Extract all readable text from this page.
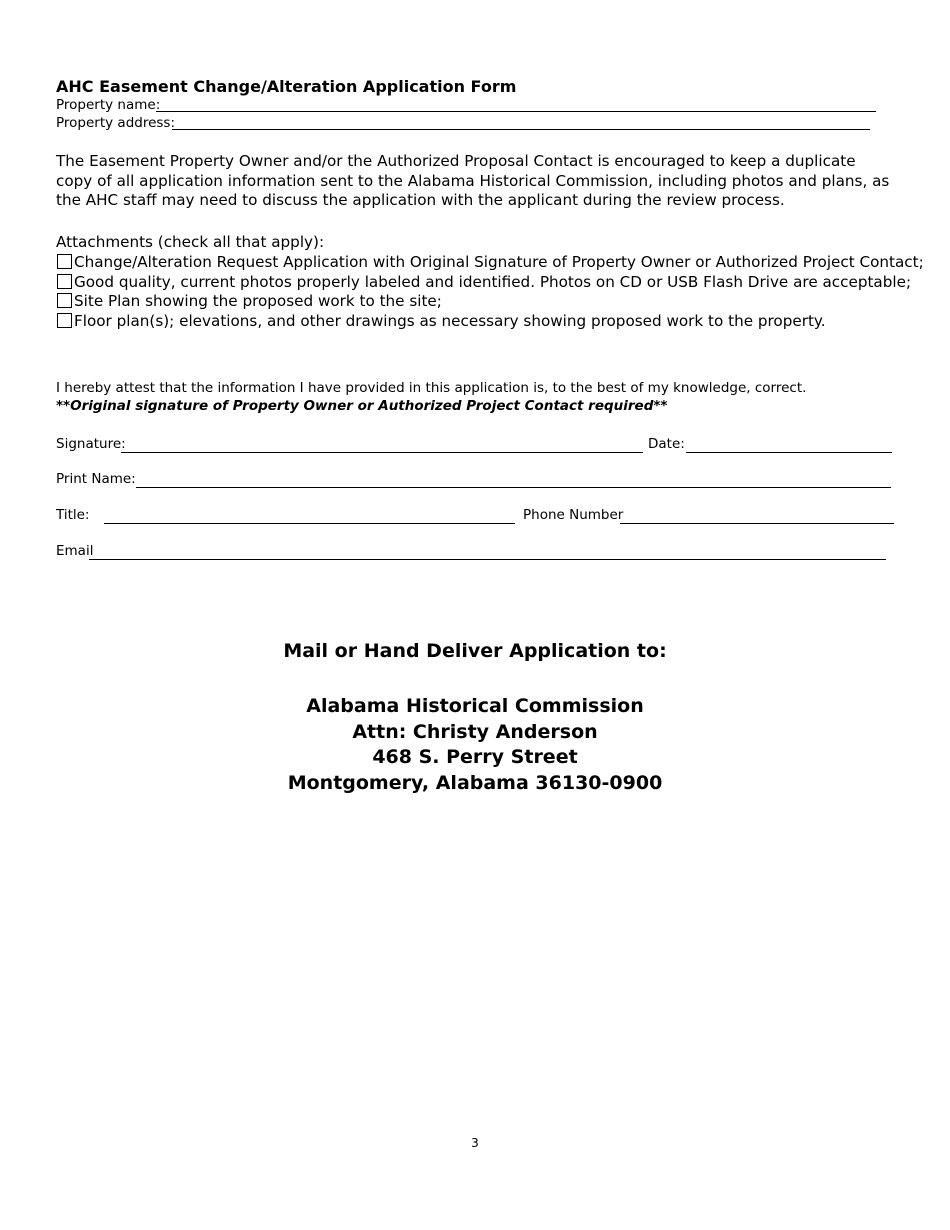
AHC Easement Change/Alteration Application Form
Property name:
Property address:
The Easement Property Owner and/or the Authorized Proposal Contact is encouraged to keep a duplicate copy of all application information sent to the Alabama Historical Commission, including photos and plans, as the AHC staff may need to discuss the application with the applicant during the review process.
Attachments (check all that apply):
Change/Alteration Request Application with Original Signature of Property Owner or Authorized Project Contact;
Good quality, current photos properly labeled and identified. Photos on CD or USB Flash Drive are acceptable;
Site Plan showing the proposed work to the site;
Floor plan(s); elevations, and other drawings as necessary showing proposed work to the property.
I hereby attest that the information I have provided in this application is, to the best of my knowledge, correct.
**Original signature of Property Owner or Authorized Project Contact required**
Signature:	Date:
Print Name:
Title:	Phone Number
Email
Mail or Hand Deliver Application to:
Alabama Historical Commission
Attn: Christy Anderson
468 S. Perry Street
Montgomery, Alabama 36130-0900
3
